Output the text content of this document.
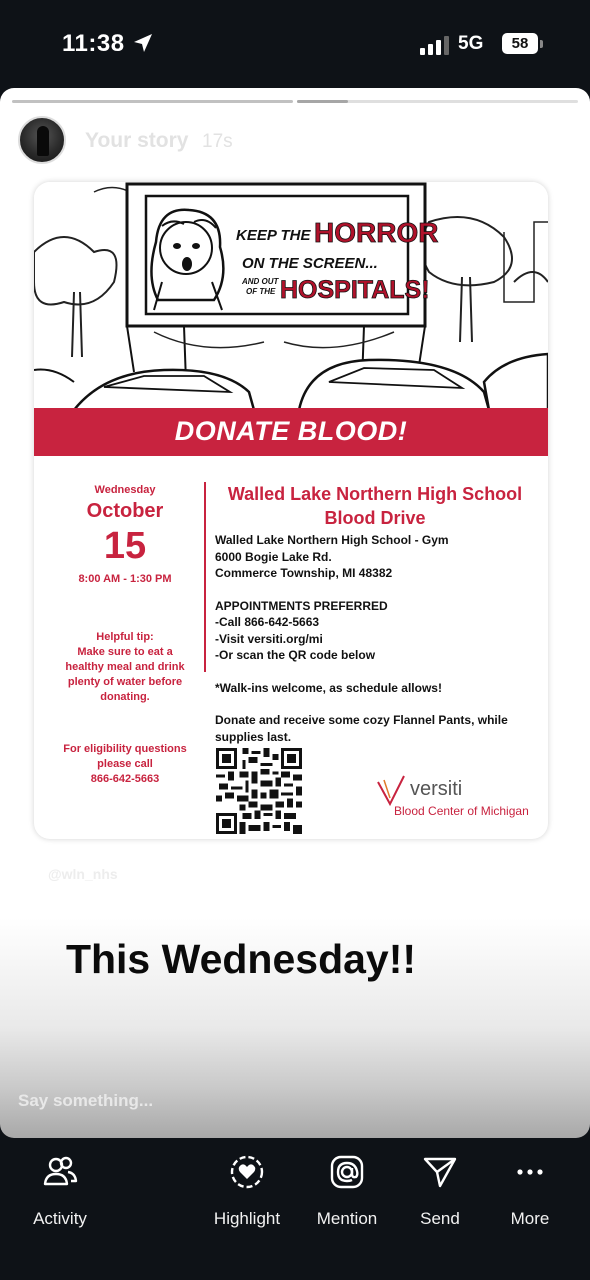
11:38	5G	58
Your story 17s
KEEP THE HORROR
ON THE SCREEN...
AND OUT
OF THE HOSPITALS!
DONATE BLOOD!
Wednesday
October
15
8:00 AM - 1:30 PM
Helpful tip:
Make sure to eat a
healthy meal and drink
plenty of water before
donating.
For eligibility questions
please call
866-642-5663
Walled Lake Northern High School
Blood Drive
Walled Lake Northern High School - Gym
6000 Bogie Lake Rd.
Commerce Township, MI 48382
APPOINTMENTS PREFERRED
-Call 866-642-5663
-Visit versiti.org/mi
-Or scan the QR code below
*Walk-ins welcome, as schedule allows!
Donate and receive some cozy Flannel Pants, while
supplies last.
versiti
Blood Center of Michigan
@wln_nhs
This Wednesday!!
Say something...
Activity	Highlight	Mention	Send	More
